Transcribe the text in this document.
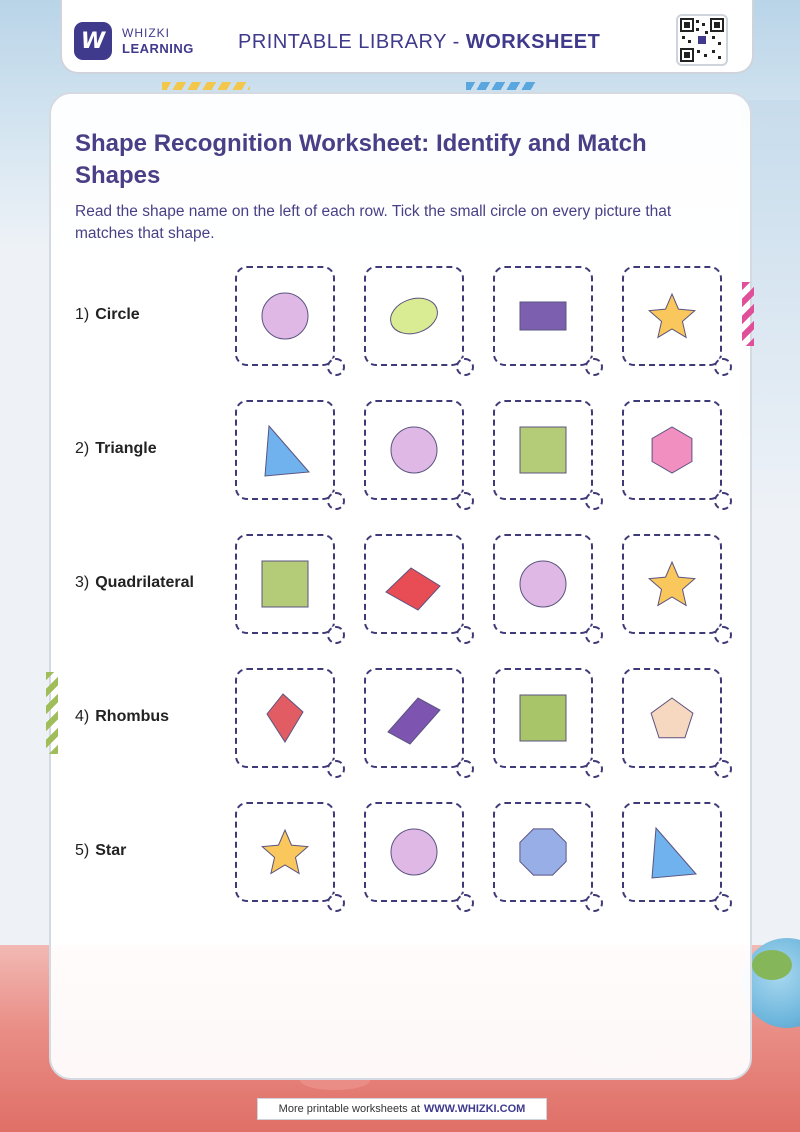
W	WHIZKI
LEARNING PRINTABLE LIBRARY - WORKSHEET
Shape Recognition Worksheet: Identify and Match Shapes
Read the shape name on the left of each row. Tick the small circle on every picture that matches that shape.
1) Circle
2) Triangle
3) Quadrilateral
4) Rhombus
5) Star
More printable worksheets at WWW.WHIZKI.COM
